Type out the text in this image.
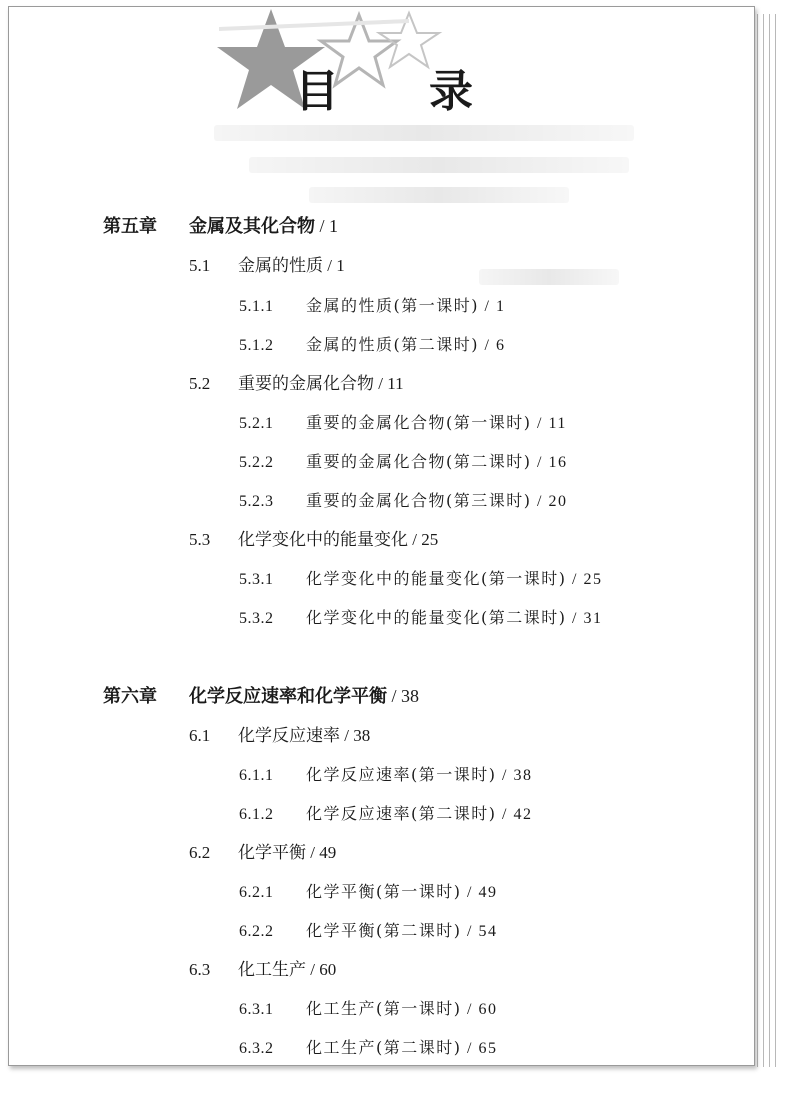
目 录
第五章 金属及其化合物 / 1
5.1 金属的性质 / 1
5.1.1 金属的性质(第一课时) / 1
5.1.2 金属的性质(第二课时) / 6
5.2 重要的金属化合物 / 11
5.2.1 重要的金属化合物(第一课时) / 11
5.2.2 重要的金属化合物(第二课时) / 16
5.2.3 重要的金属化合物(第三课时) / 20
5.3 化学变化中的能量变化 / 25
5.3.1 化学变化中的能量变化(第一课时) / 25
5.3.2 化学变化中的能量变化(第二课时) / 31
第六章 化学反应速率和化学平衡 / 38
6.1 化学反应速率 / 38
6.1.1 化学反应速率(第一课时) / 38
6.1.2 化学反应速率(第二课时) / 42
6.2 化学平衡 / 49
6.2.1 化学平衡(第一课时) / 49
6.2.2 化学平衡(第二课时) / 54
6.3 化工生产 / 60
6.3.1 化工生产(第一课时) / 60
6.3.2 化工生产(第二课时) / 65
